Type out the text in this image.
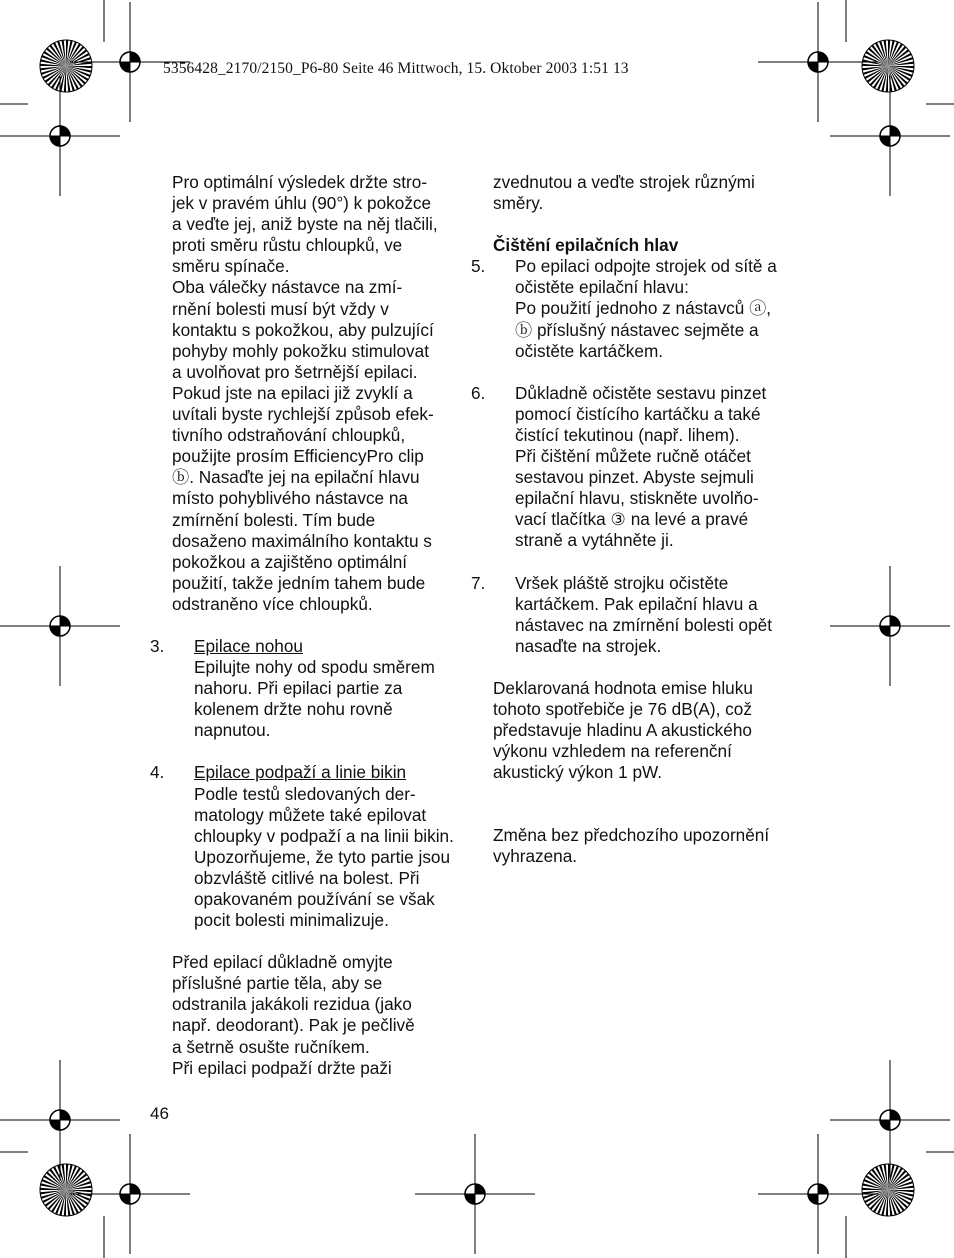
5356428_2170/2150_P6-80 Seite 46 Mittwoch, 15. Oktober 2003 1:51 13

Pro optimální výsledek držte stro-

jek v pravém úhlu (90°) k pokožce

a veďte jej, aniž byste na něj tlačili,

proti směru růstu chloupků, ve

směru spínače.

Oba válečky nástavce na zmí-

rnění bolesti musí být vždy v

kontaktu s pokožkou, aby pulzující

pohyby mohly pokožku stimulovat

a uvolňovat pro šetrnější epilaci.

Pokud jste na epilaci již zvyklí a

uvítali byste rychlejší způsob efek-

tivního odstraňování chloupků,

použijte prosím EfficiencyPro clip

ⓑ. Nasaďte jej na epilační hlavu

místo pohyblivého nástavce na

zmírnění bolesti. Tím bude

dosaženo maximálního kontaktu s

pokožkou a zajištěno optimální

použití, takže jedním tahem bude

odstraněno více chloupků.

3. Epilace nohou

Epilujte nohy od spodu směrem

nahoru. Při epilaci partie za

kolenem držte nohu rovně

napnutou.

4. Epilace podpaží a linie bikin

Podle testů sledovaných der-

matology můžete také epilovat

chloupky v podpaží a na linii bikin.

Upozorňujeme, že tyto partie jsou

obzvláště citlivé na bolest. Při

opakovaném používání se však

pocit bolesti minimalizuje.

Před epilací důkladně omyjte

příslušné partie těla, aby se

odstranila jakákoli rezidua (jako

např. deodorant). Pak je pečlivě

a šetrně osušte ručníkem.

Při epilaci podpaží držte paži

zvednutou a veďte strojek různými

směry.

Čištění epilačních hlav

5. Po epilaci odpojte strojek od sítě a

očistěte epilační hlavu:

Po použití jednoho z nástavců ⓐ,

ⓑ příslušný nástavec sejměte a

očistěte kartáčkem.

6. Důkladně očistěte sestavu pinzet

pomocí čistícího kartáčku a také

čistící tekutinou (např. lihem).

Při čištění můžete ručně otáčet

sestavou pinzet. Abyste sejmuli

epilační hlavu, stiskněte uvolňo-

vací tlačítka ③ na levé a pravé

straně a vytáhněte ji.

7. Vršek pláště strojku očistěte

kartáčkem. Pak epilační hlavu a

nástavec na zmírnění bolesti opět

nasaďte na strojek.

Deklarovaná hodnota emise hluku

tohoto spotřebiče je 76 dB(A), což

představuje hladinu A akustického

výkonu vzhledem na referenční

akustický výkon 1 pW.

Změna bez předchozího upozornění

vyhrazena.

46
